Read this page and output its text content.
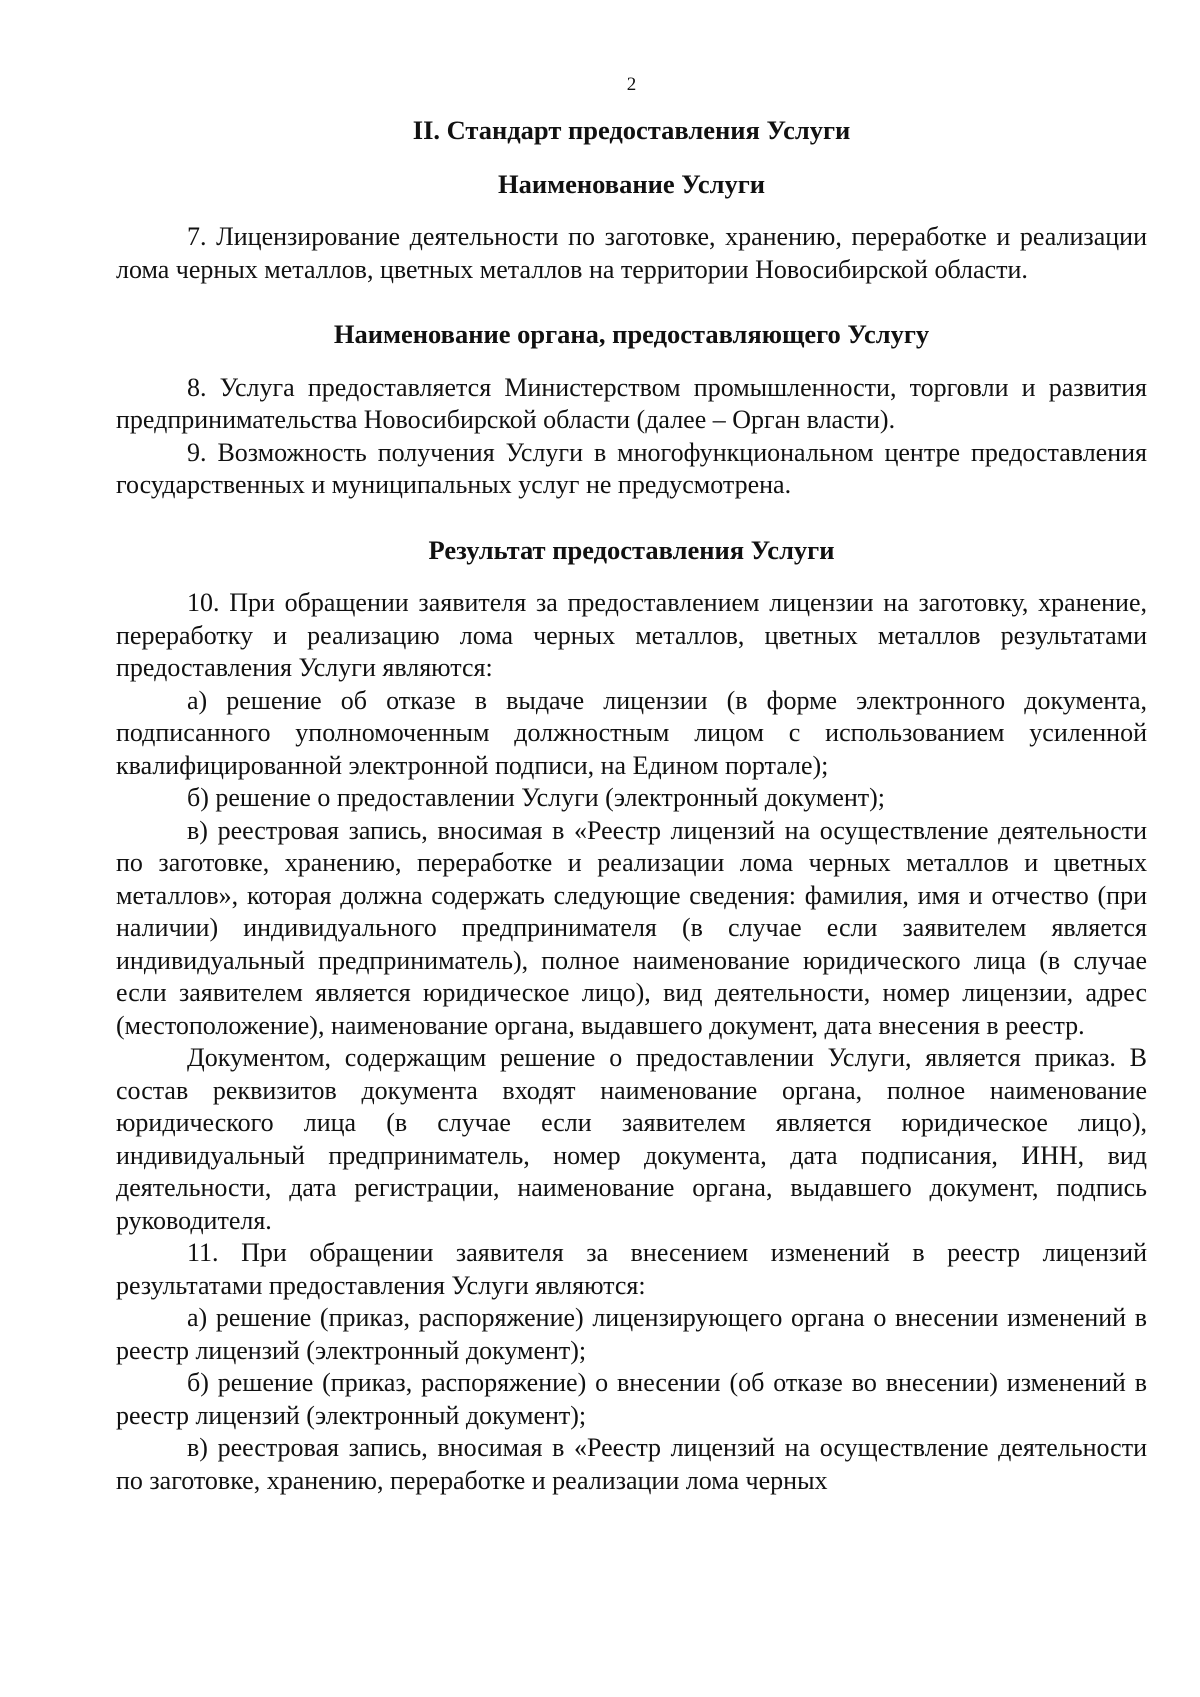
2
II. Стандарт предоставления Услуги
Наименование Услуги

7. Лицензирование деятельности по заготовке, хранению, переработке и реализации лома черных металлов, цветных металлов на территории Новосибирской области.

Наименование органа, предоставляющего Услугу

8. Услуга предоставляется Министерством промышленности, торговли и развития предпринимательства Новосибирской области (далее – Орган власти).

9. Возможность получения Услуги в многофункциональном центре предоставления государственных и муниципальных услуг не предусмотрена.

Результат предоставления Услуги

10. При обращении заявителя за предоставлением лицензии на заготовку, хранение, переработку и реализацию лома черных металлов, цветных металлов результатами предоставления Услуги являются:

а) решение об отказе в выдаче лицензии (в форме электронного документа, подписанного уполномоченным должностным лицом с использованием усиленной квалифицированной электронной подписи, на Едином портале);

б) решение о предоставлении Услуги (электронный документ);

в) реестровая запись, вносимая в «Реестр лицензий на осуществление деятельности по заготовке, хранению, переработке и реализации лома черных металлов и цветных металлов», которая должна содержать следующие сведения: фамилия, имя и отчество (при наличии) индивидуального предпринимателя (в случае если заявителем является индивидуальный предприниматель), полное наименование юридического лица (в случае если заявителем является юридическое лицо), вид деятельности, номер лицензии, адрес (местоположение), наименование органа, выдавшего документ, дата внесения в реестр.

Документом, содержащим решение о предоставлении Услуги, является приказ. В состав реквизитов документа входят наименование органа, полное наименование юридического лица (в случае если заявителем является юридическое лицо), индивидуальный предприниматель, номер документа, дата подписания, ИНН, вид деятельности, дата регистрации, наименование органа, выдавшего документ, подпись руководителя.

11. При обращении заявителя за внесением изменений в реестр лицензий результатами предоставления Услуги являются:

а) решение (приказ, распоряжение) лицензирующего органа о внесении изменений в реестр лицензий (электронный документ);

б) решение (приказ, распоряжение) о внесении (об отказе во внесении) изменений в реестр лицензий (электронный документ);

в) реестровая запись, вносимая в «Реестр лицензий на осуществление деятельности по заготовке, хранению, переработке и реализации лома черных
